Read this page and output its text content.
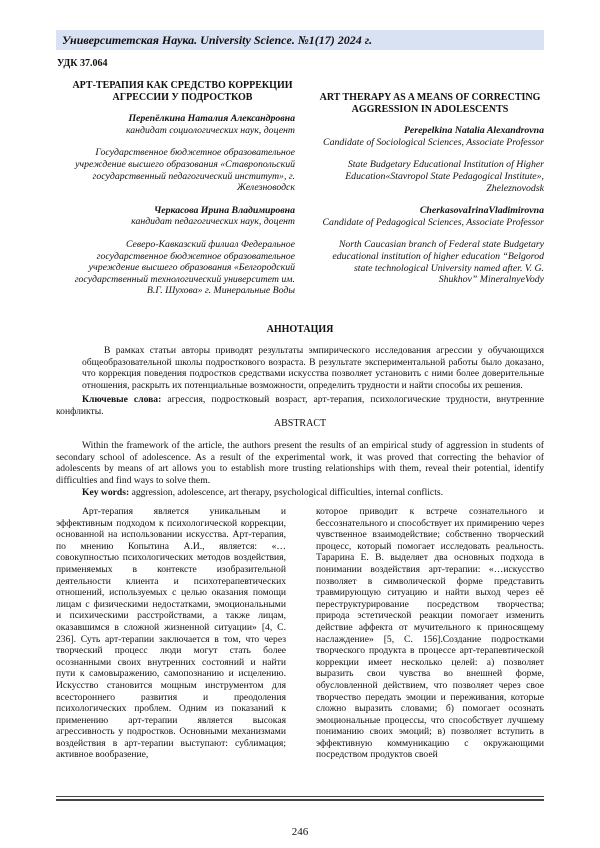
Университетская Наука. University Science. №1(17) 2024 г.
УДК 37.064
АРТ-ТЕРАПИЯ КАК СРЕДСТВО КОРРЕКЦИИ АГРЕССИИ У ПОДРОСТКОВ
Перепёлкина Наталия Александровна
кандидат социологических наук, доцент
Государственное бюджетное образовательное учреждение высшего образования «Ставропольский государственный педагогический институт», г. Железноводск
Черкасова Ирина Владимировна
кандидат педагогических наук, доцент
Северо-Кавказский филиал Федеральное государственное бюджетное образовательное учреждение высшего образования «Белгородский государственный технологический университет им. В.Г. Шухова» г. Минеральные Воды
ART THERAPY AS A MEANS OF CORRECTING AGGRESSION IN ADOLESCENTS
Perepelkina Natalia Alexandrovna
Candidate of Sociological Sciences, Associate Professor
State Budgetary Educational Institution of Higher Education«Stavropol State Pedagogical Institute», Zheleznovodsk
CherkasovaIrinaVladimirovna
Candidate of Pedagogical Sciences, Associate Professor
North Caucasian branch of Federal state Budgetary educational institution of higher education “Belgorod state technological University named after. V. G. Shukhov” MineralnyeVody
АННОТАЦИЯ
В рамках статьи авторы приводят результаты эмпирического исследования агрессии у обучающихся общеобразовательной школы подросткового возраста. В результате экспериментальной работы было доказано, что коррекция поведения подростков средствами искусства позволяет установить с ними более доверительные отношения, раскрыть их потенциальные возможности, определить трудности и найти способы их решения.
Ключевые слова: агрессия, подростковый возраст, арт-терапия, психологические трудности, внутренние конфликты.
ABSTRACT
Within the framework of the article, the authors present the results of an empirical study of aggression in students of secondary school of adolescence. As a result of the experimental work, it was proved that correcting the behavior of adolescents by means of art allows you to establish more trusting relationships with them, reveal their potential, identify difficulties and find ways to solve them.
Key words: aggression, adolescence, art therapy, psychological difficulties, internal conflicts.
Арт-терапия является уникальным и эффективным подходом к психологической коррекции, основанной на использовании искусства. Арт-терапия, по мнению Копытина А.И., является: «…совокупностью психологических методов воздействия, применяемых в контексте изобразительной деятельности клиента и психотерапевтических отношений, используемых с целью оказания помощи лицам с физическими недостатками, эмоциональными и психическими расстройствами, а также лицам, оказавшимся в сложной жизненной ситуации» [4, С. 236]. Суть арт-терапии заключается в том, что через творческий процесс люди могут стать более осознанными своих внутренних состояний и найти пути к самовыражению, самопознанию и исцелению. Искусство становится мощным инструментом для всестороннего развития и преодоления психологических проблем. Одним из показаний к применению арт-терапии является высокая агрессивность у подростков. Основными механизмами воздействия в арт-терапии выступают: сублимация; активное вообразение,
которое приводит к встрече сознательного и бессознательного и способствует их примирению через чувственное взаимодействие; собственно творческий процесс, который помогает исследовать реальность. Тарарина Е. В. выделяет два основных подхода в понимании воздействия арт-терапии: «…искусство позволяет в символической форме представить травмирующую ситуацию и найти выход через её переструктурирование посредством творчества; природа эстетической реакции помогает изменить действие аффекта от мучительного к приносящему наслаждение» [5, С. 156].Создание подростками творческого продукта в процессе арт-терапевтической коррекции имеет несколько целей: а) позволяет выразить свои чувства во внешней форме, обусловленной действием, что позволяет через свое творчество передать эмоции и переживания, которые сложно выразить словами; б) помогает осознать эмоциональные процессы, что способствует лучшему пониманию своих эмоций; в) позволяет вступить в эффективную коммуникацию с окружающими посредством продуктов своей
246
